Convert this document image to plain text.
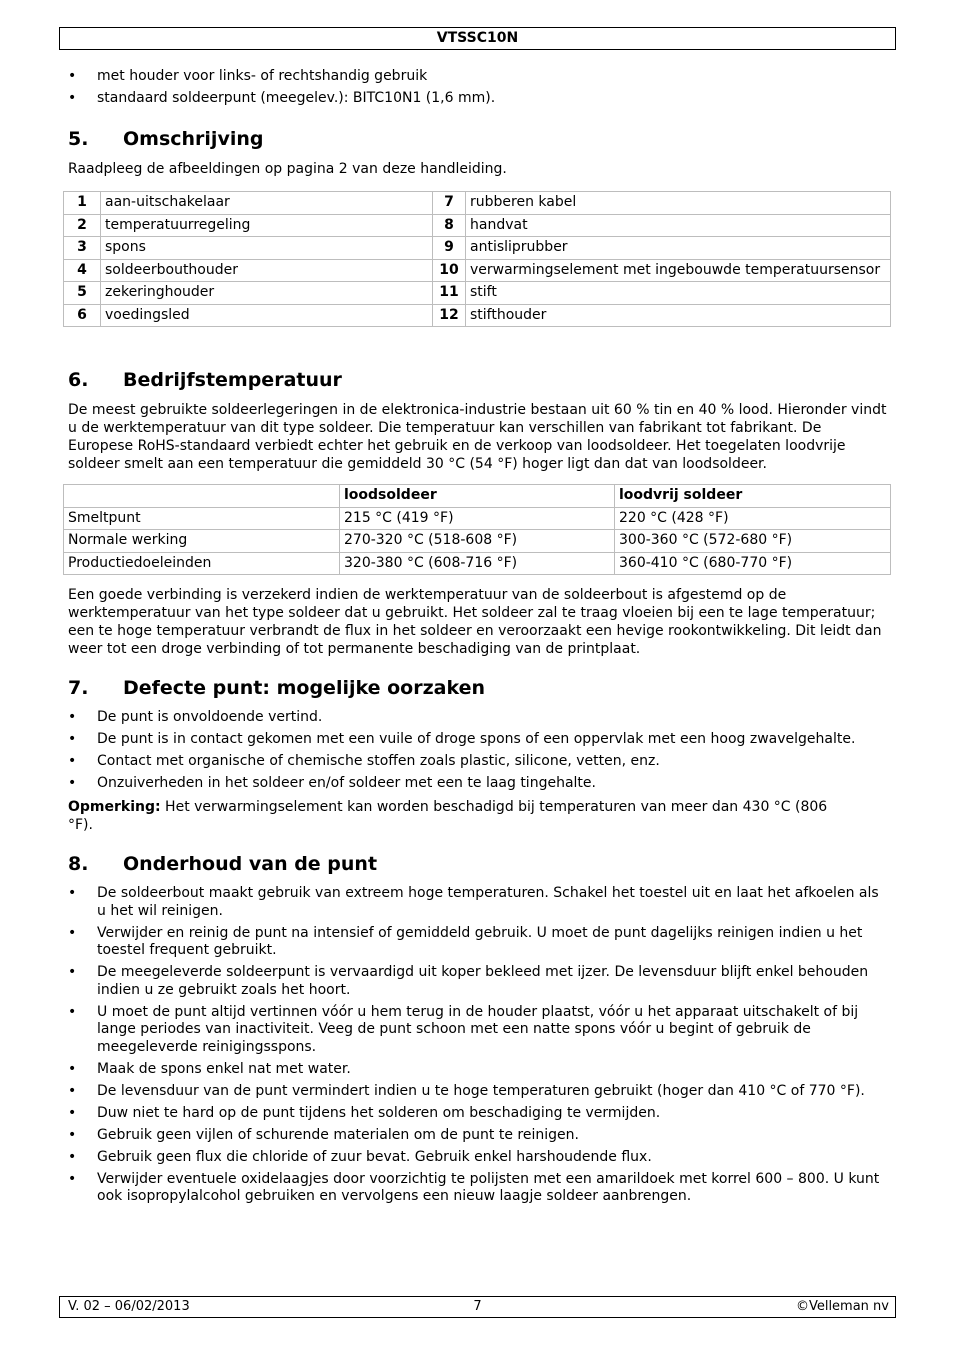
VTSSC10N
• met houder voor links- of rechtshandig gebruik
• standaard soldeerpunt (meegelev.): BITC10N1 (1,6 mm).
5. Omschrijving

Raadpleeg de afbeeldingen op pagina 2 van deze handleiding.

1	aan-uitschakelaar	7	rubberen kabel
2	temperatuurregeling	8	handvat
3	spons	9	antisliprubber
4	soldeerbouthouder	10	verwarmingselement met ingebouwde temperatuursensor
5	zekeringhouder	11	stift
6	voedingsled	12	stifthouder
6. Bedrijfstemperatuur

De meest gebruikte soldeerlegeringen in de elektronica-industrie bestaan uit 60 % tin en 40 % lood. Hieronder vindt u de werktemperatuur van dit type soldeer. Die temperatuur kan verschillen van fabrikant tot fabrikant. De Europese RoHS-standaard verbiedt echter het gebruik en de verkoop van loodsoldeer. Het toegelaten loodvrije soldeer smelt aan een temperatuur die gemiddeld 30 °C (54 °F) hoger ligt dan dat van loodsoldeer.

	loodsoldeer	loodvrij soldeer
Smeltpunt	215 °C (419 °F)	220 °C (428 °F)
Normale werking	270-320 °C (518-608 °F)	300-360 °C (572-680 °F)
Productiedoeleinden	320-380 °C (608-716 °F)	360-410 °C (680-770 °F)

Een goede verbinding is verzekerd indien de werktemperatuur van de soldeerbout is afgestemd op de werktemperatuur van het type soldeer dat u gebruikt. Het soldeer zal te traag vloeien bij een te lage temperatuur; een te hoge temperatuur verbrandt de flux in het soldeer en veroorzaakt een hevige rookontwikkeling. Dit leidt dan weer tot een droge verbinding of tot permanente beschadiging van de printplaat.

7. Defecte punt: mogelijke oorzaken
• De punt is onvoldoende vertind.
• De punt is in contact gekomen met een vuile of droge spons of een oppervlak met een hoog zwavelgehalte.
• Contact met organische of chemische stoffen zoals plastic, silicone, vetten, enz.
• Onzuiverheden in het soldeer en/of soldeer met een te laag tingehalte.

Opmerking: Het verwarmingselement kan worden beschadigd bij temperaturen van meer dan 430 °C (806 °F).

8. Onderhoud van de punt
• De soldeerbout maakt gebruik van extreem hoge temperaturen. Schakel het toestel uit en laat het afkoelen als u het wil reinigen.
• Verwijder en reinig de punt na intensief of gemiddeld gebruik. U moet de punt dagelijks reinigen indien u het toestel frequent gebruikt.
• De meegeleverde soldeerpunt is vervaardigd uit koper bekleed met ijzer. De levensduur blijft enkel behouden indien u ze gebruikt zoals het hoort.
• U moet de punt altijd vertinnen vóór u hem terug in de houder plaatst, vóór u het apparaat uitschakelt of bij lange periodes van inactiviteit. Veeg de punt schoon met een natte spons vóór u begint of gebruik de meegeleverde reinigingsspons.
• Maak de spons enkel nat met water.
• De levensduur van de punt vermindert indien u te hoge temperaturen gebruikt (hoger dan 410 °C of 770 °F).
• Duw niet te hard op de punt tijdens het solderen om beschadiging te vermijden.
• Gebruik geen vijlen of schurende materialen om de punt te reinigen.
• Gebruik geen flux die chloride of zuur bevat. Gebruik enkel harshoudende flux.
• Verwijder eventuele oxidelaagjes door voorzichtig te polijsten met een amarildoek met korrel 600 – 800. U kunt ook isopropylalcohol gebruiken en vervolgens een nieuw laagje soldeer aanbrengen.
V. 02 – 06/02/2013	7	©Velleman nv
